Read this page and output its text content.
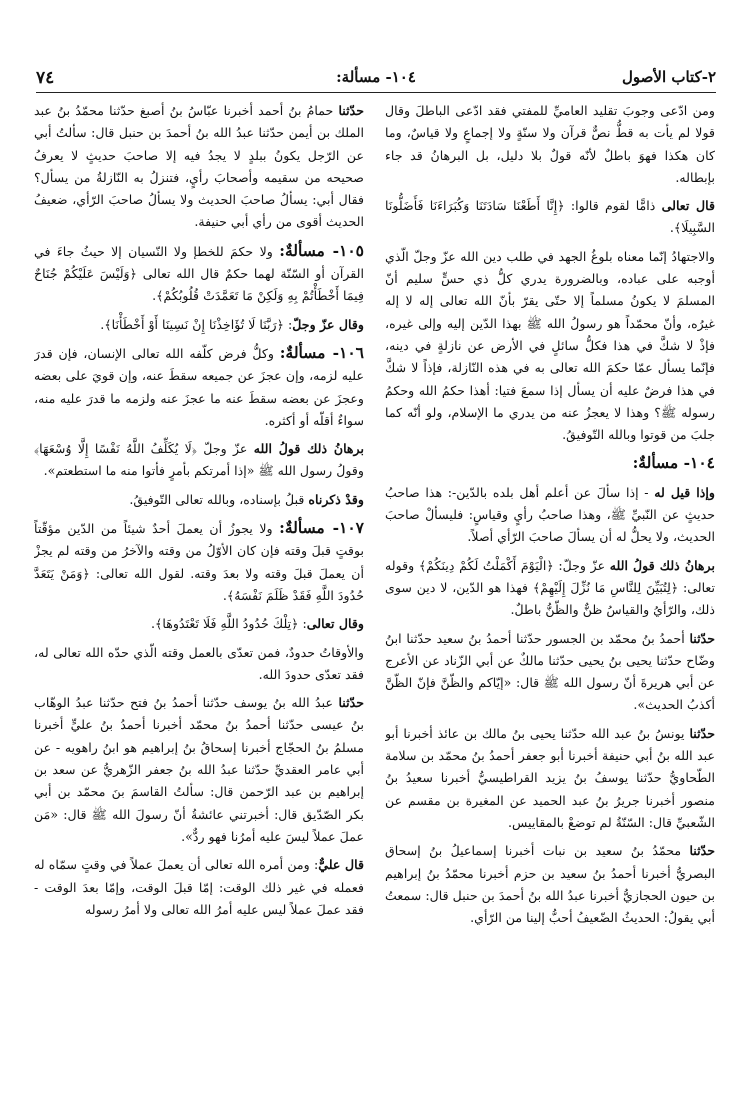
٢-كتاب الأصول
١٠٤- مسألة:
٧٤

ومن ادّعى وجوبَ تقليد العاميِّ للمفتي فقد ادّعى الباطلَ وقال قولا لم يأت به قطُّ نصٌّ قرآن ولا سنّةٍ ولا إجماعٍ ولا قياسٌ، وما كان هكذا فهوَ باطلٌ لأنّه قولٌ بلا دليل، بل البرهانُ قد جاء بإبطاله.

قال تعالى ذامًّا لقوم قالوا: ﴿إِنَّا أَطَعْنَا سَادَتَنَا وَكُبَرَاءَنَا فَأَضَلُّونَا السَّبِيلَا﴾.

والاجتهادُ إنّما معناه بلوغُ الجهد في طلب دين الله عزّ وجلّ الّذي أوجبه على عباده، وبالضرورة يدري كلُّ ذي حسٍّ سليم أنّ المسلمَ لا يكونُ مسلماً إلا حتّى يقرّ بأنّ الله تعالى إله لا إله غيرُه، وأنّ محمّداً هو رسولُ الله ﷺ بهذا الدّين إليه وإلى غيره، فإذْ لا شكَّ في هذا فكلُّ سائلٍ في الأرض عن نازلةٍ في دينه، فإنّما يسأل عمّا حكمَ الله تعالى به في هذه النّازلة، فإذاً لا شكَّ في هذا فرضٌ عليه أن يسأل إذا سمعَ فتيا: أهذا حكمُ الله وحكمُ رسوله ﷺ؟ وهذا لا يعجزُ عنه من يدري ما الإسلام، ولو أنّه كما جلبَ من قوتوا وبالله التّوفيقُ.

١٠٤- مسألةٌ:

وإذا قيل له - إذا سألَ عن أعلم أهل بلده بالدّين-: هذا صاحبُ حديثٍ عن النّبيِّ ﷺ، وهذا صاحبُ رأيٍ وقياسٍ: فليسألْ صاحبَ الحديث، ولا يحلُّ له أن يسألَ صاحبَ الرّأي أصلاً.

برهانُ ذلك قولُ الله عزّ وجلّ: ﴿الْيَوْمَ أَكْمَلْتُ لَكُمْ دِينَكُمْ﴾ وقوله تعالى: ﴿لِتُبَيِّنَ لِلنَّاسِ مَا نُزِّلَ إِلَيْهِمْ﴾ فهذا هو الدّين، لا دين سوى ذلك، والرّأيُ والقياسُ ظنٌّ والظّنُّ باطلٌ.

حدّثنا أحمدُ بنُ محمّد بن الجسور حدّثنا أحمدُ بنُ سعيد حدّثنا ابنُ وضّاح حدّثنا يحيى بنُ يحيى حدّثنا مالكٌ عن أبي الزّناد عن الأعرج عن أبي هريرةَ أنّ رسول الله ﷺ قال: «إيّاكم والظّنَّ فإنّ الظّنَّ أكذبُ الحديث».

حدّثنا يونسُ بنُ عبد الله حدّثنا يحيى بنُ مالك بن عائذ أخبرنا أبو عبد الله بنُ أبي حنيفة أخبرنا أبو جعفر أحمدُ بنُ محمّد بن سلامة الطّحاويُّ حدّثنا يوسفُ بنُ يزيد القراطيسيُّ أخبرنا سعيدُ بنُ منصور أخبرنا جريرُ بنُ عبد الحميد عن المغيرة بن مقسم عن الشّعبيِّ قال: السّنّةُ لم توضعْ بالمقاييس.

حدّثنا محمّدُ بنُ سعيد بن نبات أخبرنا إسماعيلُ بنُ إسحاق البصريُّ أخبرنا أحمدُ بنُ سعيد بن حزم أخبرنا محمّدُ بنُ إبراهيم بن حيون الحجازيُّ أخبرنا عبدُ الله بنُ أحمدَ بن حنبل قال: سمعتُ أبي يقولُ: الحديثُ الضّعيفُ أحبُّ إلينا من الرّأي.

حدّثنا حمامُ بنُ أحمد أخبرنا عبّاسُ بنُ أصبغ حدّثنا محمّدُ بنُ عبد الملك بن أيمن حدّثنا عبدُ الله بنُ أحمدَ بن حنبل قال: سألتُ أبي عن الرّجل يكونُ ببلدٍ لا يجدُ فيه إلا صاحبَ حديثٍ لا يعرفُ صحيحه من سقيمه وأصحابَ رأيٍ، فتنزلُ به النّازلةُ من يسأل؟ فقال أبي: يسألُ صاحبَ الحديث ولا يسألُ صاحبَ الرّأي، ضعيفُ الحديث أقوى من رأي أبي حنيفة.

١٠٥- مسألةٌ: ولا حكمَ للخطإ ولا النّسيان إلا حيثُ جاءَ في القرآن أو السّنّة لهما حكمٌ قال الله تعالى ﴿وَلَيْسَ عَلَيْكُمْ جُنَاحٌ فِيمَا أَخْطَأْتُمْ بِهِ وَلَكِنْ مَا تَعَمَّدَتْ قُلُوبُكُمْ﴾.

وقال عزّ وجلّ: ﴿رَبَّنَا لَا تُؤَاخِذْنَا إِنْ نَسِينَا أَوْ أَخْطَأْنَا﴾.

١٠٦- مسألةٌ: وكلُّ فرض كلّفه الله تعالى الإنسان، فإن قدرَ عليه لزمه، وإن عجزَ عن جميعه سقطَ عنه، وإن قويَ على بعضه وعجزَ عن بعضه سقطَ عنه ما عجزَ عنه ولزمه ما قدرَ عليه منه، سواءٌ أقلّه أو أكثره.

برهانُ ذلك قولُ الله عزّ وجلّ ﴿لَا يُكَلِّفُ اللَّهُ نَفْسًا إِلَّا وُسْعَهَا﴾ وقولُ رسول الله ﷺ «إذا أمرتكم بأمرٍ فأتوا منه ما استطعتم».

وقدْ ذكرناه قبلُ بإسناده، وبالله تعالى التّوفيقُ.

١٠٧- مسألةٌ: ولا يجوزُ أن يعملَ أحدٌ شيئاً من الدّين مؤقّتاً بوقتٍ قبلَ وقته فإن كان الأوّلُ من وقته والآخرُ من وقته لم يجزْ أن يعملَ قبلَ وقته ولا بعدَ وقته. لقول الله تعالى: ﴿وَمَنْ يَتَعَدَّ حُدُودَ اللَّهِ فَقَدْ ظَلَمَ نَفْسَهُ﴾.

وقال تعالى: ﴿تِلْكَ حُدُودُ اللَّهِ فَلَا تَعْتَدُوهَا﴾.

والأوقاتُ حدودٌ، فمن تعدّى بالعمل وقته الّذي حدّه الله تعالى له، فقد تعدّى حدودَ الله.

حدّثنا عبدُ الله بنُ يوسف حدّثنا أحمدُ بنُ فتح حدّثنا عبدُ الوهّاب بنُ عيسى حدّثنا أحمدُ بنُ محمّد أخبرنا أحمدُ بنُ عليٍّ أخبرنا مسلمُ بنُ الحجّاج أخبرنا إسحاقُ بنُ إبراهيم هو ابنُ راهويه - عن أبي عامر العقديِّ حدّثنا عبدُ الله بنُ جعفر الزّهريُّ عن سعد بن إبراهيم بن عبد الرّحمن قال: سألتُ القاسمَ بنَ محمّد بن أبي بكر الصّدّيق قال: أخبرتني عائشةُ أنّ رسولَ الله ﷺ قال: «مَن عملَ عملاً ليسَ عليه أمرُنا فهو ردٌّ».

قال عليٌّ: ومن أمره الله تعالى أن يعملَ عملاً في وقتٍ سمّاه له فعمله في غير ذلك الوقت: إمّا قبلَ الوقت، وإمّا بعدَ الوقت - فقد عملَ عملاً ليس عليه أمرُ الله تعالى ولا أمرُ رسوله
